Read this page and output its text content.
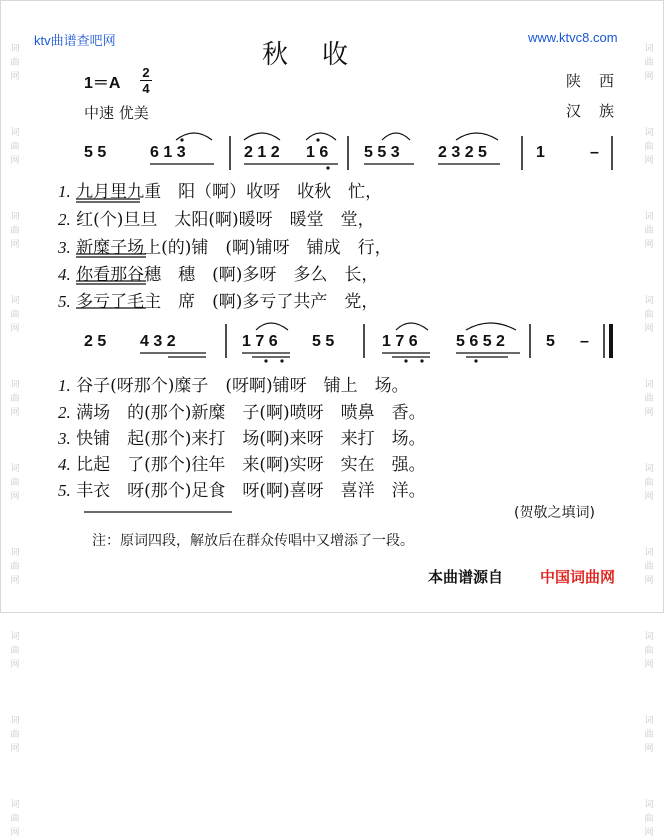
词
曲
网
词
曲
网
词
曲
网
词
曲
网
词
曲
网
词
曲
网
词
曲
网
词
曲
网
词
曲
网
词
曲
网
词
曲
网
词
曲
网
词
曲
网
词
曲
网
词
曲
网
词
曲
网
词
曲
网
词
曲
网
词
曲
网
词
曲
网
ktv曲谱查吧网	www.ktvc8.com
秋收
1＝A
2
4
中速 优美
陕西
汉族
5 5	6 1 3	2 1 2 1 6 5 5 3 2 3 2 5	1	–
1. 九月里九重　阳（啊）收呀　收秋　忙，
2. 红(个)旦旦　太阳(啊)暖呀　暖堂　堂，
3. 新糜子场上(的)铺　(啊)铺呀　铺成　行，
4. 你看那谷穗　穗　(啊)多呀　多么　长，
5. 多亏了毛主　席　(啊)多亏了共产　党，
2 5 4 3 2	1 7 6 5 5	1 7 6 5 6 5 2	5 –
1. 谷子(呀那个)糜子　(呀啊)铺呀　铺上　场。
2. 满场　的(那个)新糜　子(啊)喷呀　喷鼻　香。
3. 快铺　起(那个)来打　场(啊)来呀　来打　场。
4. 比起　了(那个)往年　来(啊)实呀　实在　强。
5. 丰衣　呀(那个)足食　呀(啊)喜呀　喜洋　洋。
(贺敬之填词)
注：原词四段，解放后在群众传唱中又增添了一段。
本曲谱源自 中国词曲网
